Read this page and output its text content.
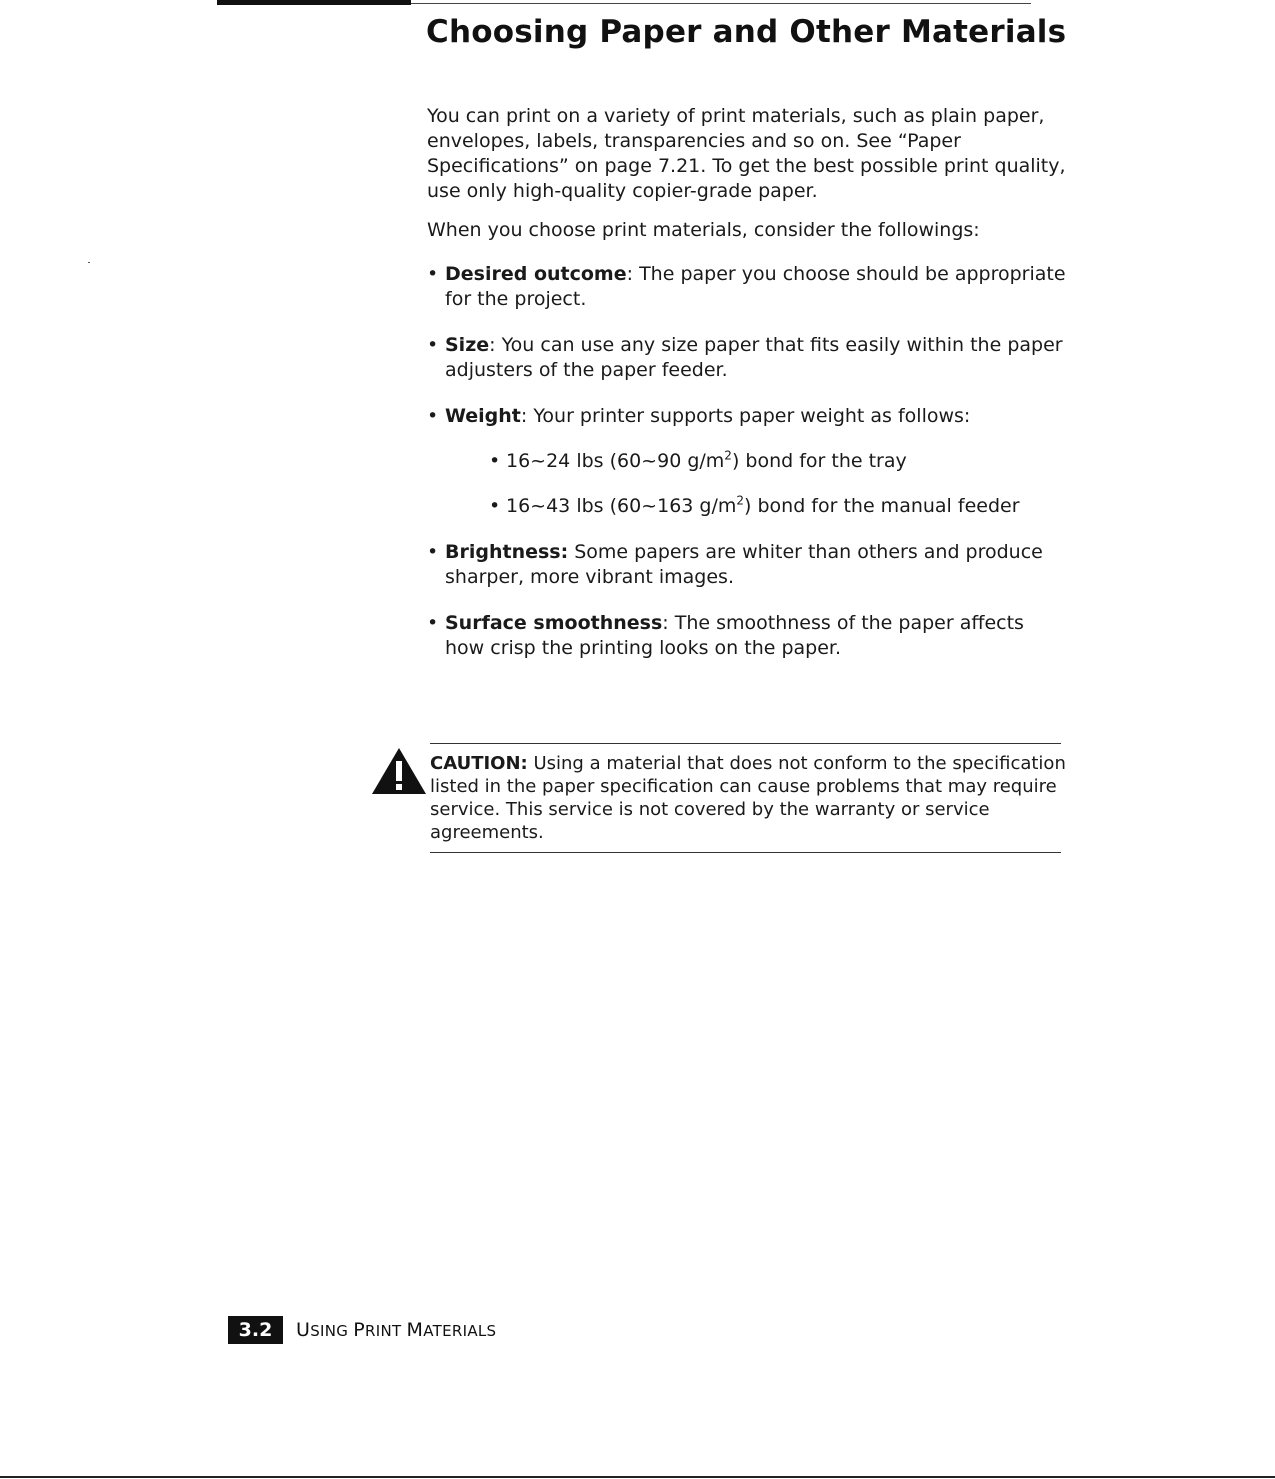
Choosing Paper and Other Materials

You can print on a variety of print materials, such as plain paper, envelopes, labels, transparencies and so on. See “Paper Specifications” on page 7.21. To get the best possible print quality, use only high-quality copier-grade paper.

When you choose print materials, consider the followings:

• Desired outcome: The paper you choose should be appropriate for the project.
• Size: You can use any size paper that fits easily within the paper adjusters of the paper feeder.
• Weight: Your printer supports paper weight as follows:
• 16~24 lbs (60~90 $g/m^2$) bond for the tray
• 16~43 lbs (60~163 $g/m^2$) bond for the manual feeder
• Brightness: Some papers are whiter than others and produce sharper, more vibrant images.
• Surface smoothness: The smoothness of the paper affects how crisp the printing looks on the paper.

CAUTION: Using a material that does not conform to the specification listed in the paper specification can cause problems that may require service. This service is not covered by the warranty or service agreements.

3.2	USING PRINT MATERIALS
